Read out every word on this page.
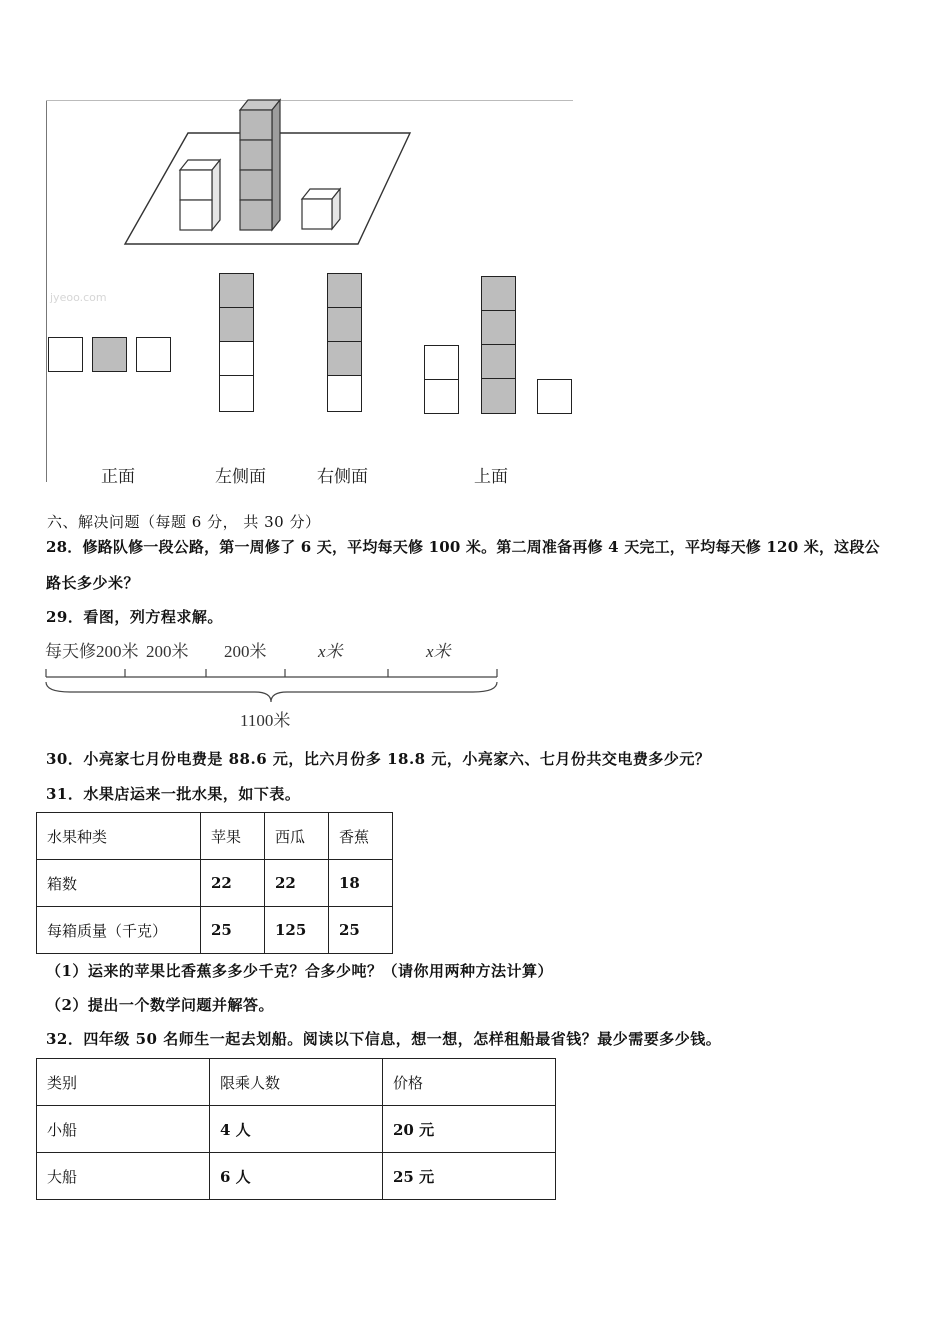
jyeoo.com
正面	左侧面	右侧面	上面
六、解决问题（每题 6 分， 共 30 分）
28．修路队修一段公路，第一周修了 6 天，平均每天修 100 米。第二周准备再修 4 天完工，平均每天修 120 米，这段公
路长多少米？
29．看图，列方程求解。
每天修200米 200米 200米	x米	x米
1100米
30．小亮家七月份电费是 88.6 元，比六月份多 18.8 元，小亮家六、七月份共交电费多少元？
31．水果店运来一批水果，如下表。
水果种类	苹果	西瓜	香蕉
箱数	22	22	18
每箱质量（千克）	25	125	25
（1）运来的苹果比香蕉多多少千克？合多少吨？（请你用两种方法计算）
（2）提出一个数学问题并解答。
32．四年级 50 名师生一起去划船。阅读以下信息，想一想，怎样租船最省钱？最少需要多少钱。
类别	限乘人数	价格
小船	4 人	20 元
大船	6 人	25 元
